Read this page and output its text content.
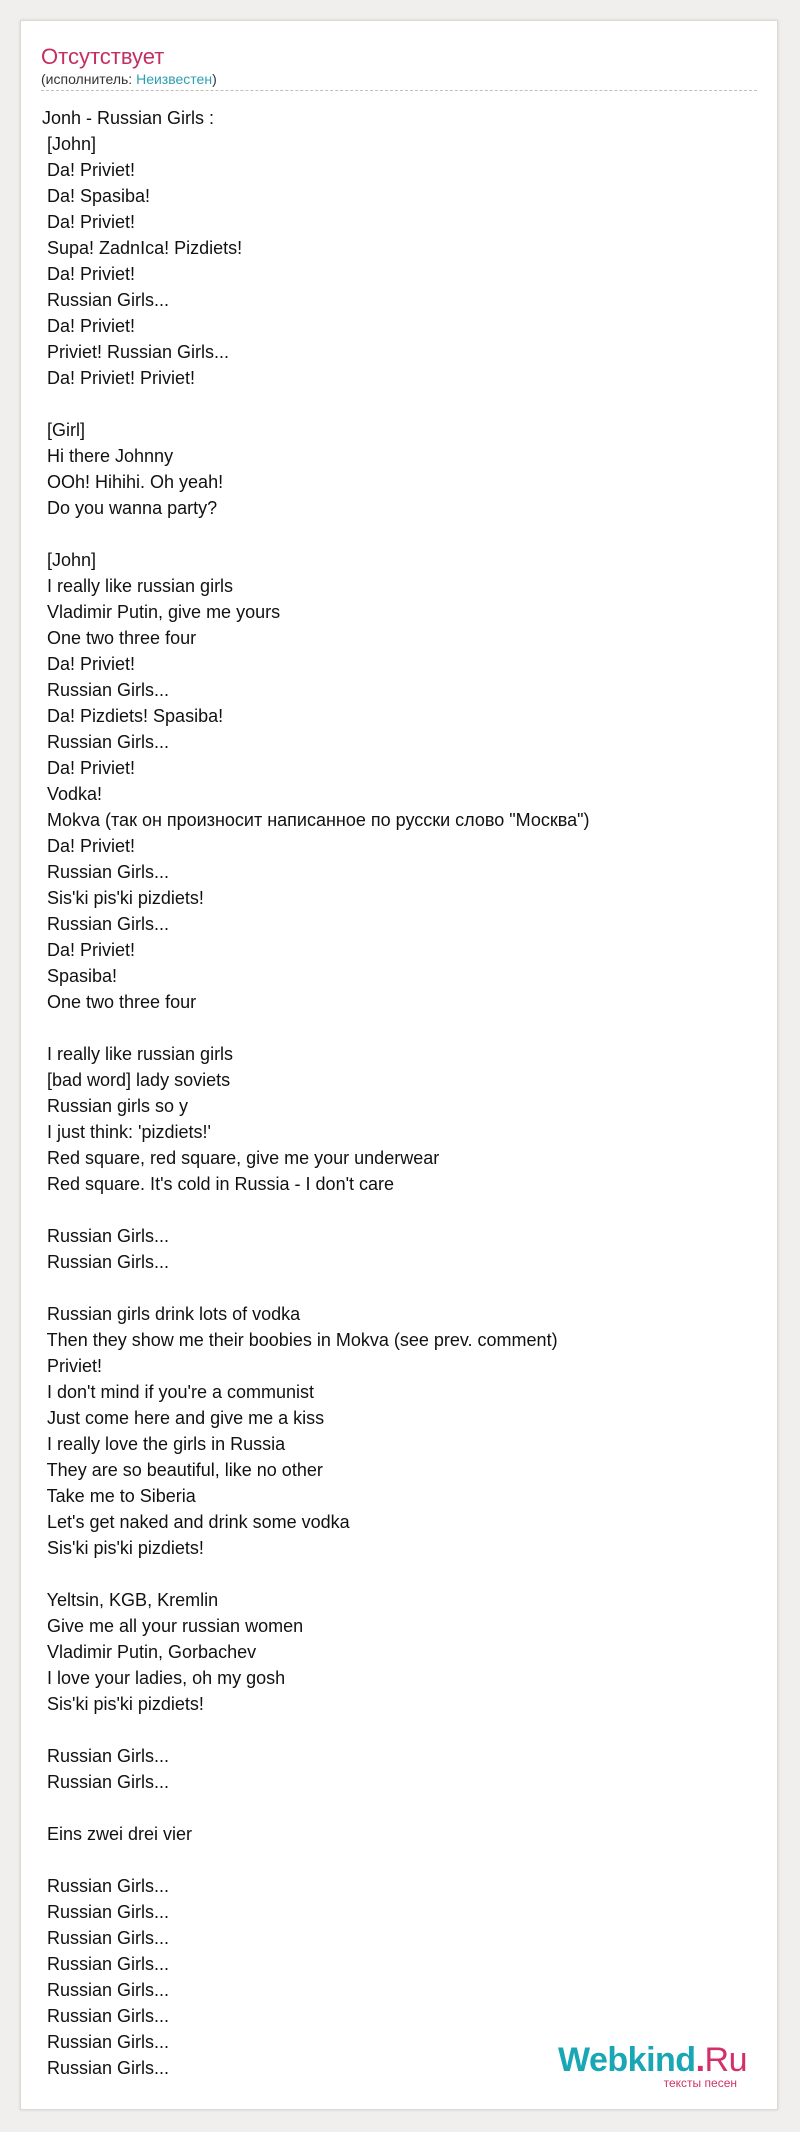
Отсутствует
(исполнитель: Неизвестен)
Jonh - Russian Girls :
[John]
Da! Priviet!
Da! Spasiba!
Da! Priviet!
Supa! ZadnIca! Pizdiets!
Da! Priviet!
Russian Girls...
Da! Priviet!
Priviet! Russian Girls...
Da! Priviet! Priviet!
[Girl]
Hi there Johnny
OOh! Hihihi. Oh yeah!
Do you wanna party?
[John]
I really like russian girls
Vladimir Putin, give me yours
One two three four
Da! Priviet!
Russian Girls...
Da! Pizdiets! Spasiba!
Russian Girls...
Da! Priviet!
Vodka!
Mokva (так он произносит написанное по русски слово "Москва")
Da! Priviet!
Russian Girls...
Sis'ki pis'ki pizdiets!
Russian Girls...
Da! Priviet!
Spasiba!
One two three four
I really like russian girls
[bad word] lady soviets
Russian girls so y
I just think: 'pizdiets!'
Red square, red square, give me your underwear
Red square. It's cold in Russia - I don't care
Russian Girls...
Russian Girls...
Russian girls drink lots of vodka
Then they show me their boobies in Mokva (see prev. comment)
Priviet!
I don't mind if you're a communist
Just come here and give me a kiss
I really love the girls in Russia
They are so beautiful, like no other
Take me to Siberia
Let's get naked and drink some vodka
Sis'ki pis'ki pizdiets!
Yeltsin, KGB, Kremlin
Give me all your russian women
Vladimir Putin, Gorbachev
I love your ladies, oh my gosh
Sis'ki pis'ki pizdiets!
Russian Girls...
Russian Girls...
Eins zwei drei vier
Russian Girls...
Russian Girls...
Russian Girls...
Russian Girls...
Russian Girls...
Russian Girls...
Russian Girls...
Russian Girls...	Webkind.Ru
тексты песен
